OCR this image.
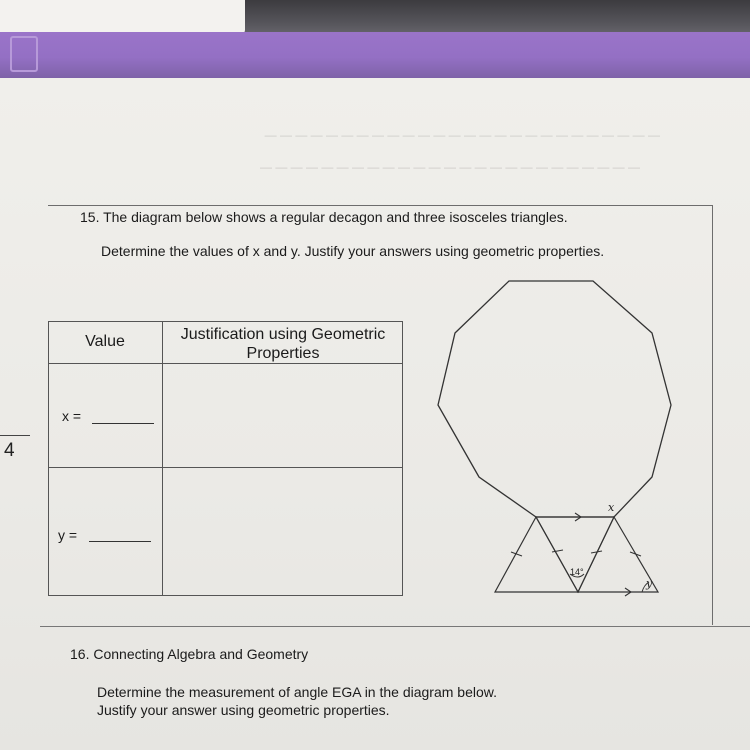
— — — — — — — — — — — — — — — — — — — — — — — — — —
— — — — — — — — — — — — — — — — — — — — — — — — —
4
15. The diagram below shows a regular decagon and three isosceles triangles.
Determine the values of x and y. Justify your answers using geometric properties.
Value	Justification using Geometric Properties
x =
y =
x
14°
y
16. Connecting Algebra and Geometry
Determine the measurement of angle EGA in the diagram below.
Justify your answer using geometric properties.
